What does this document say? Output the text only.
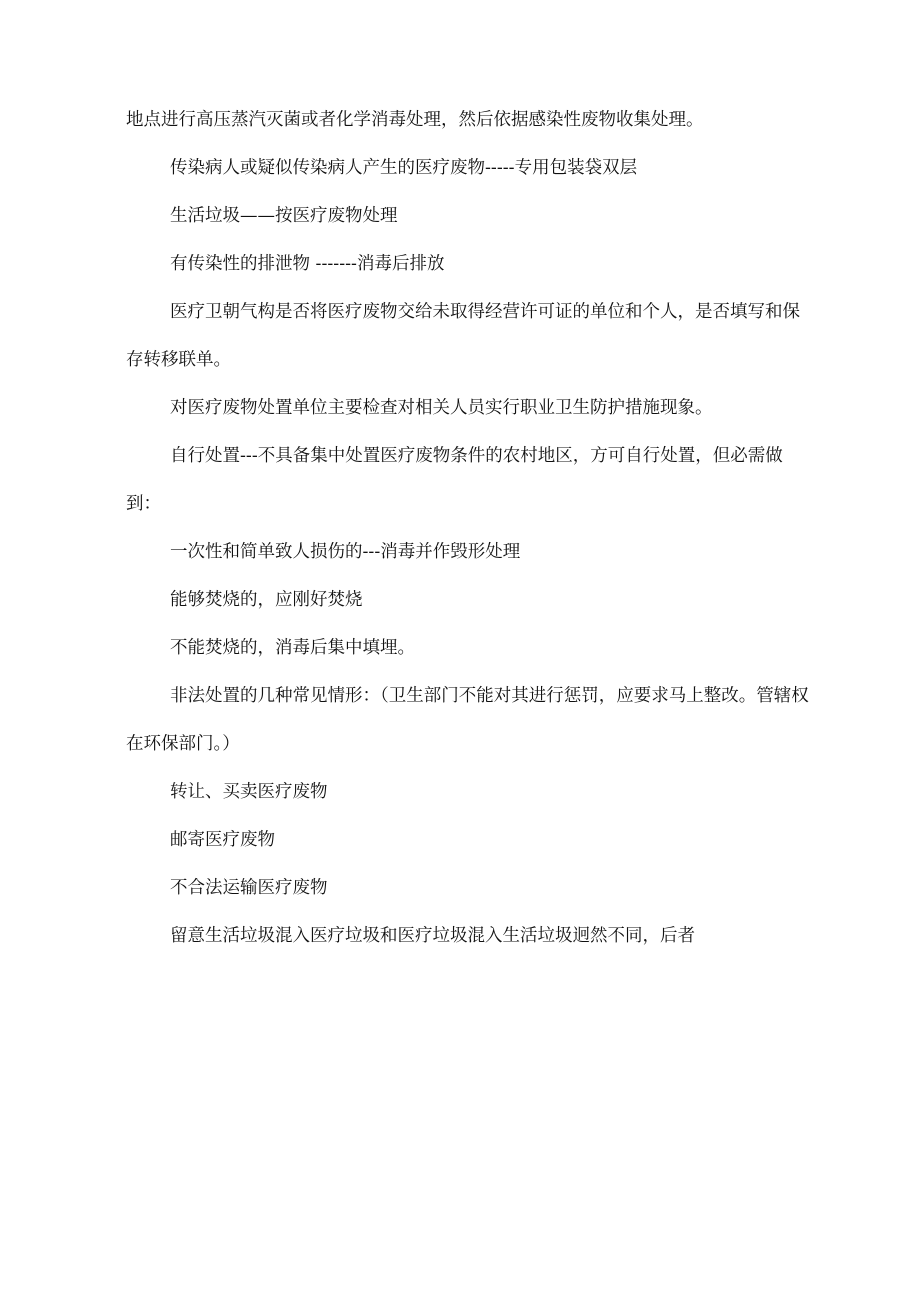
地点进行高压蒸汽灭菌或者化学消毒处理，然后依据感染性废物收集处理。

传染病人或疑似传染病人产生的医疗废物-----专用包装袋双层

生活垃圾——按医疗废物处理

有传染性的排泄物 -------消毒后排放

医疗卫朝气构是否将医疗废物交给未取得经营许可证的单位和个人，是否填写和保存转移联单。

对医疗废物处置单位主要检查对相关人员实行职业卫生防护措施现象。

自行处置---不具备集中处置医疗废物条件的农村地区，方可自行处置，但必需做到：

一次性和简单致人损伤的---消毒并作毁形处理

能够焚烧的，应刚好焚烧

不能焚烧的，消毒后集中填埋。

非法处置的几种常见情形：（卫生部门不能对其进行惩罚，应要求马上整改。管辖权在环保部门。）

转让、买卖医疗废物

邮寄医疗废物

不合法运输医疗废物

留意生活垃圾混入医疗垃圾和医疗垃圾混入生活垃圾迥然不同，后者
